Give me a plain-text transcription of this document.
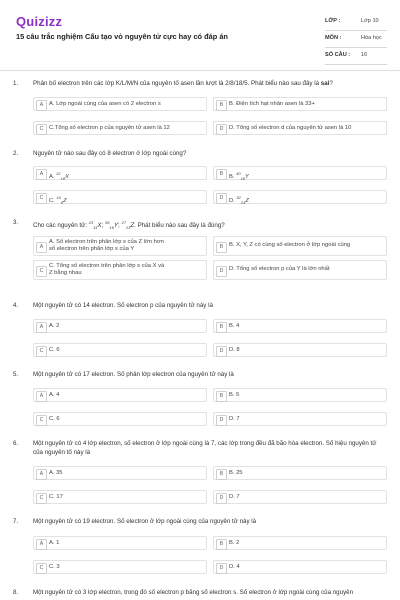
Quizizz
15 câu trắc nghiệm Cấu tạo vỏ nguyên tử cực hay có đáp án
LỚP :	Lớp 10
MÔN :	Hóa học
SỐ CÂU : 16
1. Phân bố electron trên các lớp K/L/M/N của nguyên tố asen lần lượt là 2/8/18/5. Phát biểu nào sau đây là sai?
A A. Lớp ngoài cùng của asen có 2 electron s	B B. Điện tích hạt nhân asen là 33+
C C.Tổng số electron p của nguyên tử asen là 12	D D. Tổng số electron d của nguyên tử asen là 10
2. Nguyên tử nào sau đây có 8 electron ở lớp ngoài cùng?
A A. $^{32}_{16}$X	B B. $^{40}_{18}$Y
C C. $^{16}_8$Z	D D. $^{52}_{24}$Z
3. Cho các nguyên tử: $^{23}_{11}$X; $^{39}_{19}$Y; $^{27}_{13}$Z. Phát biểu nào sau đây là đúng?
A
A. Số electron trên phân lớp s của Z lớn hơn số electron trên phân lớp s của Y	B B. X, Y, Z có cùng số electron ở lớp ngoài cùng
C
C. Tổng số electron trên phân lớp s của X và Z bằng nhau	D D. Tổng số electron p của Y là lớn nhất
4. Một nguyên tử có 14 electron. Số electron p của nguyên tử này là
A A. 2	B B. 4
C C. 6	D D. 8
5. Một nguyên tử có 17 electron. Số phân lớp electron của nguyên tử này là
A A. 4	B B. 5
C C. 6	D D. 7
6. Một nguyên tử có 4 lớp electron, số electron ở lớp ngoài cùng là 7, các lớp trong đều đã bão hòa electron. Số hiệu nguyên tử của nguyên tố này là
A A. 35	B B. 25
C C. 17	D D. 7
7. Một nguyên tử có 19 electron. Số electron ở lớp ngoài cùng của nguyên tử này là
A A. 1	B B. 2
C C. 3	D D. 4
8. Một nguyên tử có 3 lớp electron, trong đó số electron p bằng số electron s. Số electron ở lớp ngoài cùng của nguyên
